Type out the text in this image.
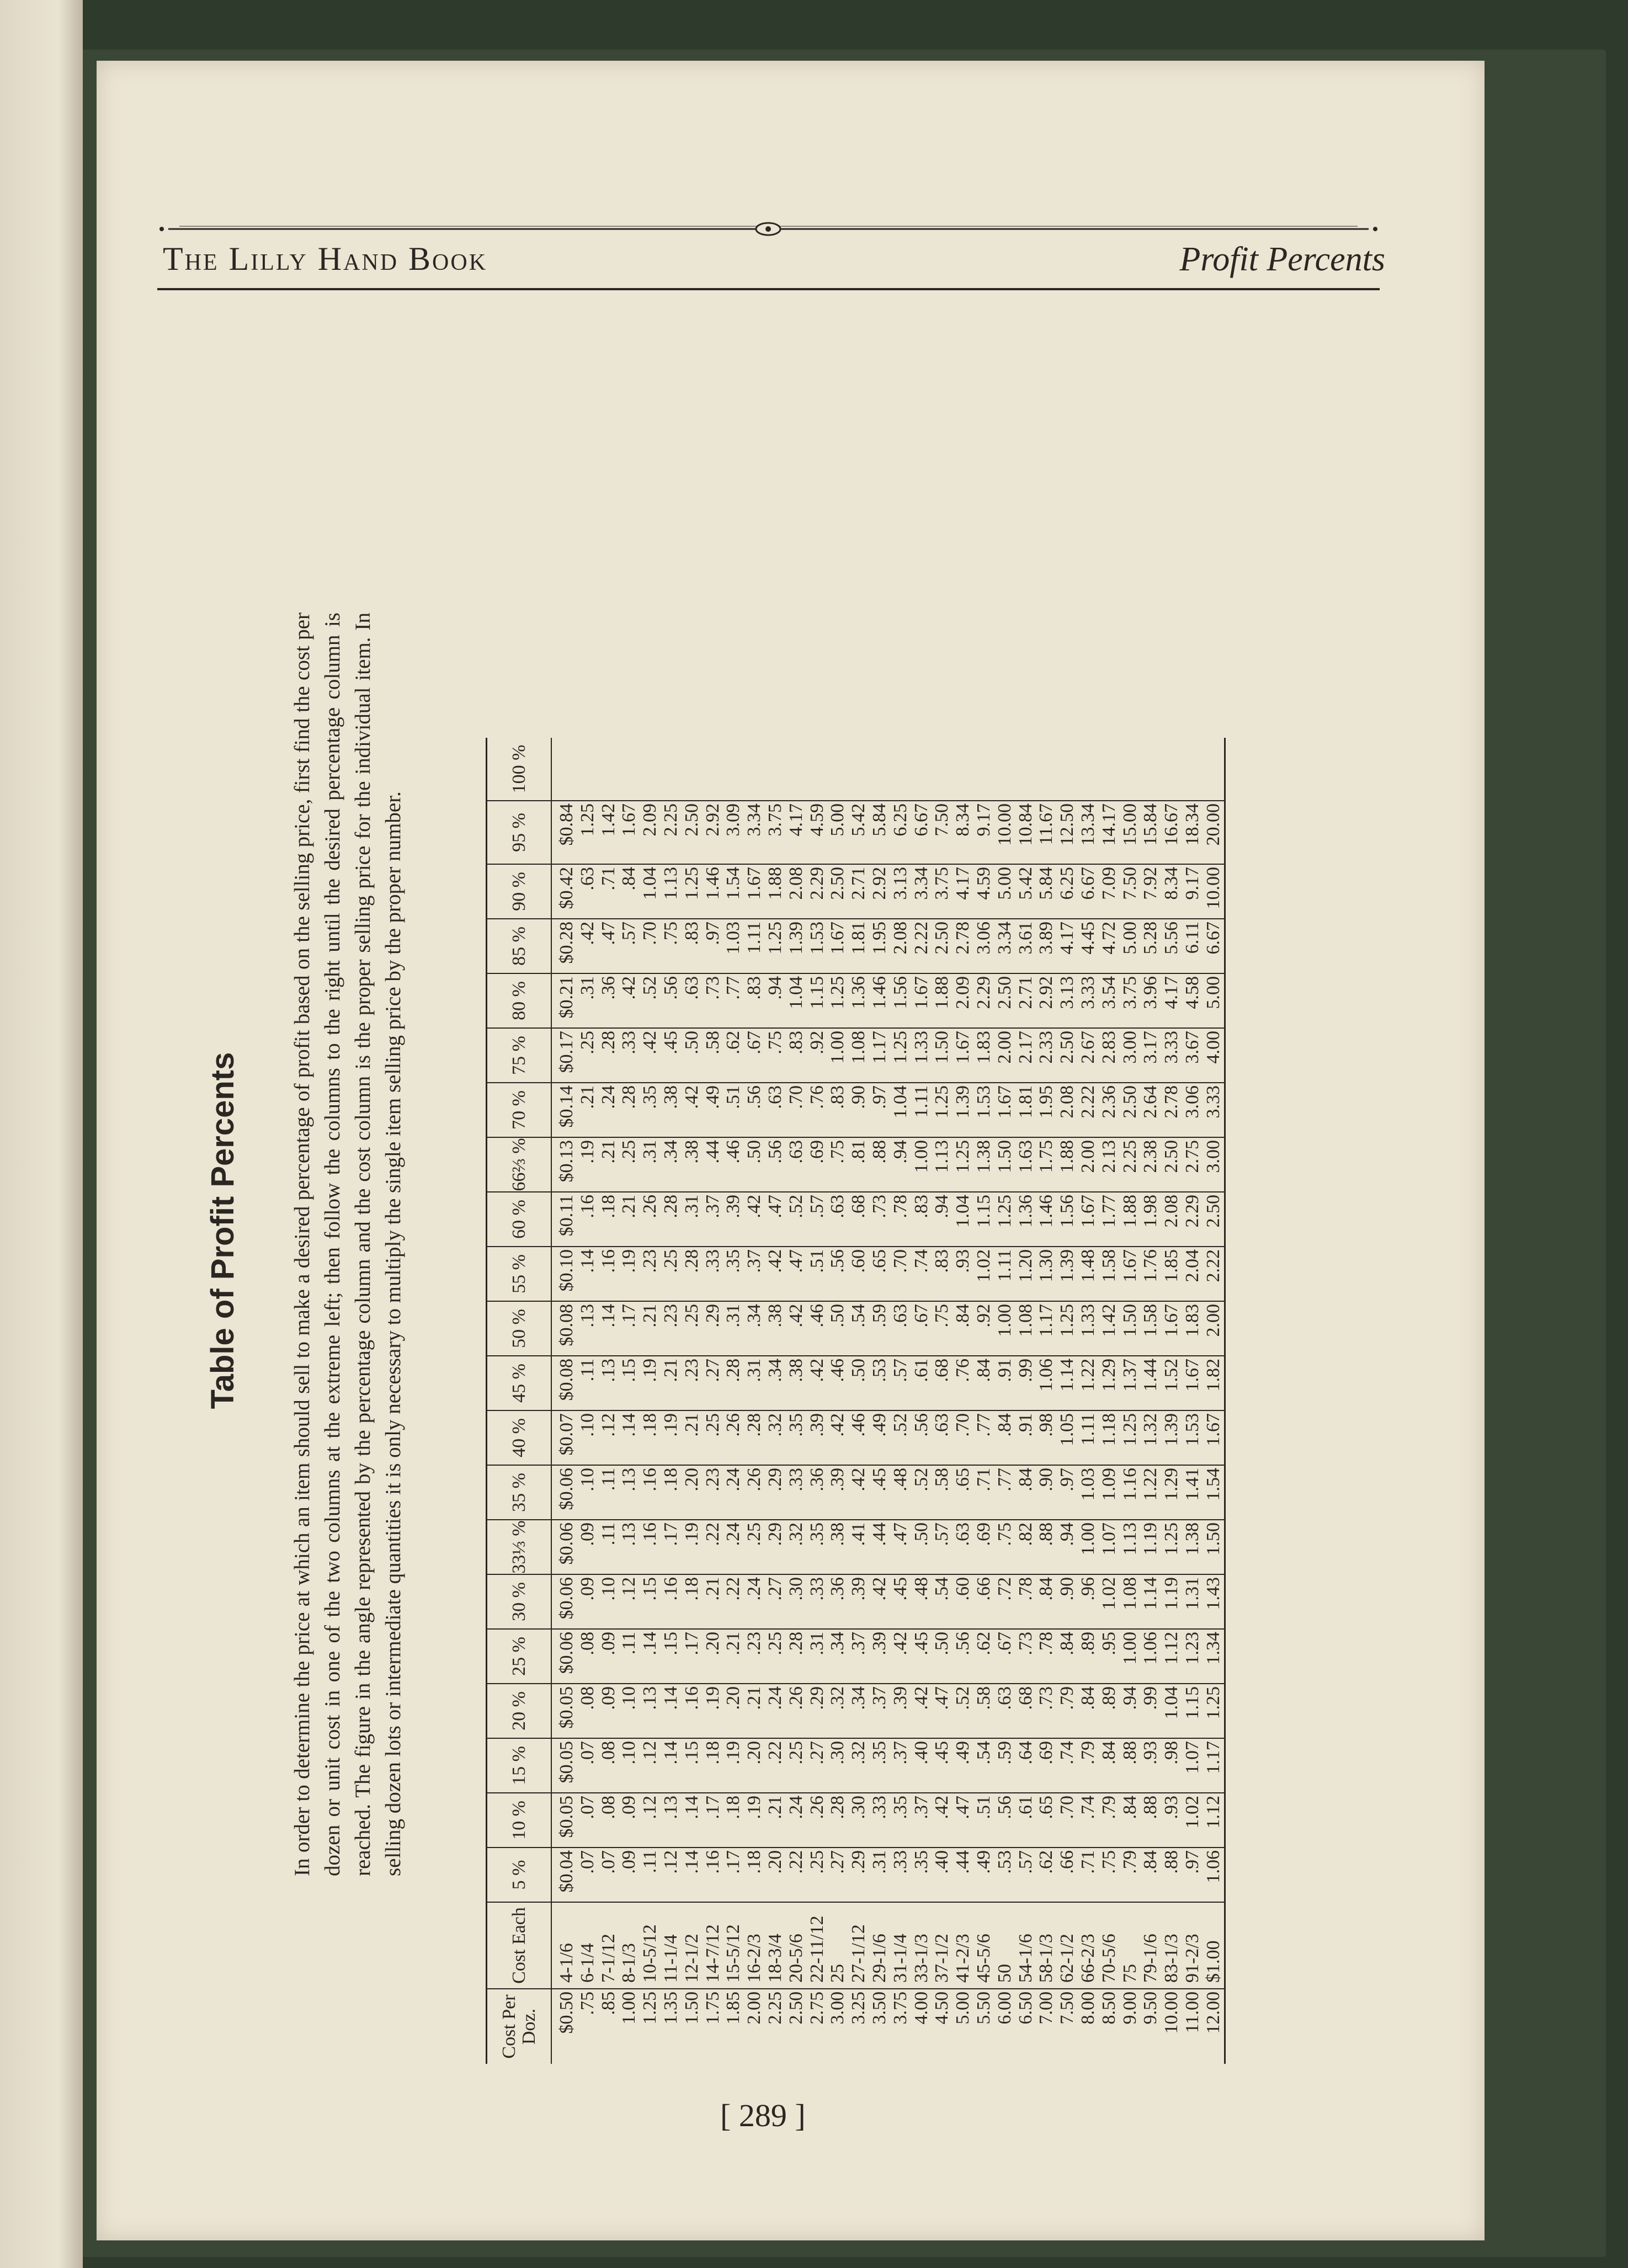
The Lilly Hand Book	Profit Percents
Table of Profit Percents In order to determine the price at which an item should sell to make a desired percentage of profit based on the selling price, first find the cost per dozen or unit cost in one of the two columns at the extreme left; then follow the columns to the right until the desired percentage column is reached. The figure in the angle represented by the percentage column and the cost column is the proper selling price for the individual item. In selling dozen lots or intermediate quantities it is only necessary to multiply the single item selling price by the proper number.
Cost Per Doz.	Cost Each	5 %	10 %	15 %	20 %	25 %	30 %	33⅓ %	35 %	40 %	45 %	50 %	55 %	60 %	66⅔ %	70 %	75 %	80 %	85 %	90 %	95 %	100 %
$0.50	4-1/6	$0.04	$0.05	$0.05	$0.05	$0.06	$0.06	$0.06	$0.06	$0.07	$0.08	$0.08	$0.10	$0.11	$0.13	$0.14	$0.17	$0.21	$0.28	$0.42	$0.84	
.75	6-1/4	.07	.07	.07	.08	.08	.09	.09	.10	.10	.11	.13	.14	.16	.19	.21	.25	.31	.42	.63	1.25	
.85	7-1/12	.07	.08	.08	.09	.09	.10	.11	.11	.12	.13	.14	.16	.18	.21	.24	.28	.36	.47	.71	1.42	
1.00	8-1/3	.09	.09	.10	.10	.11	.12	.13	.13	.14	.15	.17	.19	.21	.25	.28	.33	.42	.57	.84	1.67	
1.25	10-5/12	.11	.12	.12	.13	.14	.15	.16	.16	.18	.19	.21	.23	.26	.31	.35	.42	.52	.70	1.04	2.09	
1.35	11-1/4	.12	.13	.14	.14	.15	.16	.17	.18	.19	.21	.23	.25	.28	.34	.38	.45	.56	.75	1.13	2.25	
1.50	12-1/2	.14	.14	.15	.16	.17	.18	.19	.20	.21	.23	.25	.28	.31	.38	.42	.50	.63	.83	1.25	2.50	
1.75	14-7/12	.16	.17	.18	.19	.20	.21	.22	.23	.25	.27	.29	.33	.37	.44	.49	.58	.73	.97	1.46	2.92	
1.85	15-5/12	.17	.18	.19	.20	.21	.22	.24	.24	.26	.28	.31	.35	.39	.46	.51	.62	.77	1.03	1.54	3.09	
2.00	16-2/3	.18	.19	.20	.21	.23	.24	.25	.26	.28	.31	.34	.37	.42	.50	.56	.67	.83	1.11	1.67	3.34	
2.25	18-3/4	.20	.21	.22	.24	.25	.27	.29	.29	.32	.34	.38	.42	.47	.56	.63	.75	.94	1.25	1.88	3.75	
2.50	20-5/6	.22	.24	.25	.26	.28	.30	.32	.33	.35	.38	.42	.47	.52	.63	.70	.83	1.04	1.39	2.08	4.17	
2.75	22-11/12	.25	.26	.27	.29	.31	.33	.35	.36	.39	.42	.46	.51	.57	.69	.76	.92	1.15	1.53	2.29	4.59	
3.00	25	.27	.28	.30	.32	.34	.36	.38	.39	.42	.46	.50	.56	.63	.75	.83	1.00	1.25	1.67	2.50	5.00	
3.25	27-1/12	.29	.30	.32	.34	.37	.39	.41	.42	.46	.50	.54	.60	.68	.81	.90	1.08	1.36	1.81	2.71	5.42	
3.50	29-1/6	.31	.33	.35	.37	.39	.42	.44	.45	.49	.53	.59	.65	.73	.88	.97	1.17	1.46	1.95	2.92	5.84	
3.75	31-1/4	.33	.35	.37	.39	.42	.45	.47	.48	.52	.57	.63	.70	.78	.94	1.04	1.25	1.56	2.08	3.13	6.25	
4.00	33-1/3	.35	.37	.40	.42	.45	.48	.50	.52	.56	.61	.67	.74	.83	1.00	1.11	1.33	1.67	2.22	3.34	6.67	
4.50	37-1/2	.40	.42	.45	.47	.50	.54	.57	.58	.63	.68	.75	.83	.94	1.13	1.25	1.50	1.88	2.50	3.75	7.50	
5.00	41-2/3	.44	.47	.49	.52	.56	.60	.63	.65	.70	.76	.84	.93	1.04	1.25	1.39	1.67	2.09	2.78	4.17	8.34	
5.50	45-5/6	.49	.51	.54	.58	.62	.66	.69	.71	.77	.84	.92	1.02	1.15	1.38	1.53	1.83	2.29	3.06	4.59	9.17	
6.00	50	.53	.56	.59	.63	.67	.72	.75	.77	.84	.91	1.00	1.11	1.25	1.50	1.67	2.00	2.50	3.34	5.00	10.00	
6.50	54-1/6	.57	.61	.64	.68	.73	.78	.82	.84	.91	.99	1.08	1.20	1.36	1.63	1.81	2.17	2.71	3.61	5.42	10.84	
7.00	58-1/3	.62	.65	.69	.73	.78	.84	.88	.90	.98	1.06	1.17	1.30	1.46	1.75	1.95	2.33	2.92	3.89	5.84	11.67	
7.50	62-1/2	.66	.70	.74	.79	.84	.90	.94	.97	1.05	1.14	1.25	1.39	1.56	1.88	2.08	2.50	3.13	4.17	6.25	12.50	
8.00	66-2/3	.71	.74	.79	.84	.89	.96	1.00	1.03	1.11	1.22	1.33	1.48	1.67	2.00	2.22	2.67	3.33	4.45	6.67	13.34	
8.50	70-5/6	.75	.79	.84	.89	.95	1.02	1.07	1.09	1.18	1.29	1.42	1.58	1.77	2.13	2.36	2.83	3.54	4.72	7.09	14.17	
9.00	75	.79	.84	.88	.94	1.00	1.08	1.13	1.16	1.25	1.37	1.50	1.67	1.88	2.25	2.50	3.00	3.75	5.00	7.50	15.00	
9.50	79-1/6	.84	.88	.93	.99	1.06	1.14	1.19	1.22	1.32	1.44	1.58	1.76	1.98	2.38	2.64	3.17	3.96	5.28	7.92	15.84	
10.00	83-1/3	.88	.93	.98	1.04	1.12	1.19	1.25	1.29	1.39	1.52	1.67	1.85	2.08	2.50	2.78	3.33	4.17	5.56	8.34	16.67	
11.00	91-2/3	.97	1.02	1.07	1.15	1.23	1.31	1.38	1.41	1.53	1.67	1.83	2.04	2.29	2.75	3.06	3.67	4.58	6.11	9.17	18.34	
12.00	$1.00	1.06	1.12	1.17	1.25	1.34	1.43	1.50	1.54	1.67	1.82	2.00	2.22	2.50	3.00	3.33	4.00	5.00	6.67	10.00	20.00	
[ 289 ]
